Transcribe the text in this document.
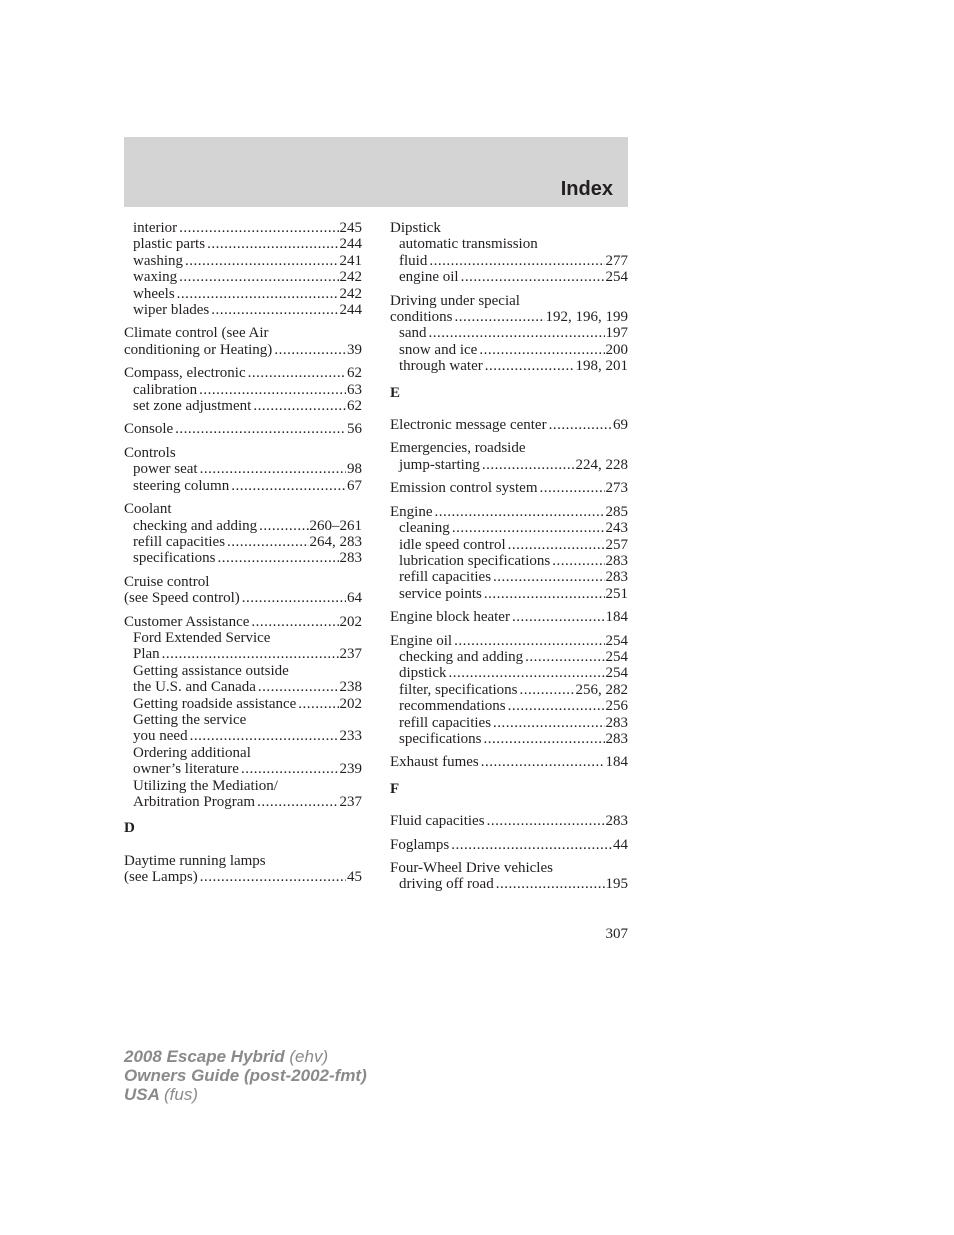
Index
interior .....	245
plastic parts .....	244
washing .....	241
waxing .....	242
wheels .....	242
wiper blades .....	244
Climate control (see Air
conditioning or Heating) .....	39
Compass, electronic .....	62
calibration .....	63
set zone adjustment .....	62
Console .....	56
Controls
power seat .....	98
steering column .....	67
Coolant
checking and adding .....	260–261
refill capacities .....	264, 283
specifications .....	283
Cruise control
(see Speed control) .....	64
Customer Assistance .....	202
Ford Extended Service
Plan .....	237
Getting assistance outside
the U.S. and Canada .....	238
Getting roadside assistance .....	202
Getting the service
you need .....	233
Ordering additional
owner’s literature .....	239
Utilizing the Mediation/
Arbitration Program .....	237
D
Daytime running lamps
(see Lamps) .....	45
Dipstick
automatic transmission
fluid .....	277
engine oil .....	254
Driving under special
conditions .....	192, 196, 199
sand .....	197
snow and ice .....	200
through water .....	198, 201
E
Electronic message center .....	69
Emergencies, roadside
jump-starting .....	224, 228
Emission control system .....	273
Engine .....	285
cleaning .....	243
idle speed control .....	257
lubrication specifications .....	283
refill capacities .....	283
service points .....	251
Engine block heater .....	184
Engine oil .....	254
checking and adding .....	254
dipstick .....	254
filter, specifications .....	256, 282
recommendations .....	256
refill capacities .....	283
specifications .....	283
Exhaust fumes .....	184
F
Fluid capacities .....	283
Foglamps .....	44
Four-Wheel Drive vehicles
driving off road .....	195
307
2008 Escape Hybrid (ehv)
Owners Guide (post-2002-fmt)
USA (fus)
